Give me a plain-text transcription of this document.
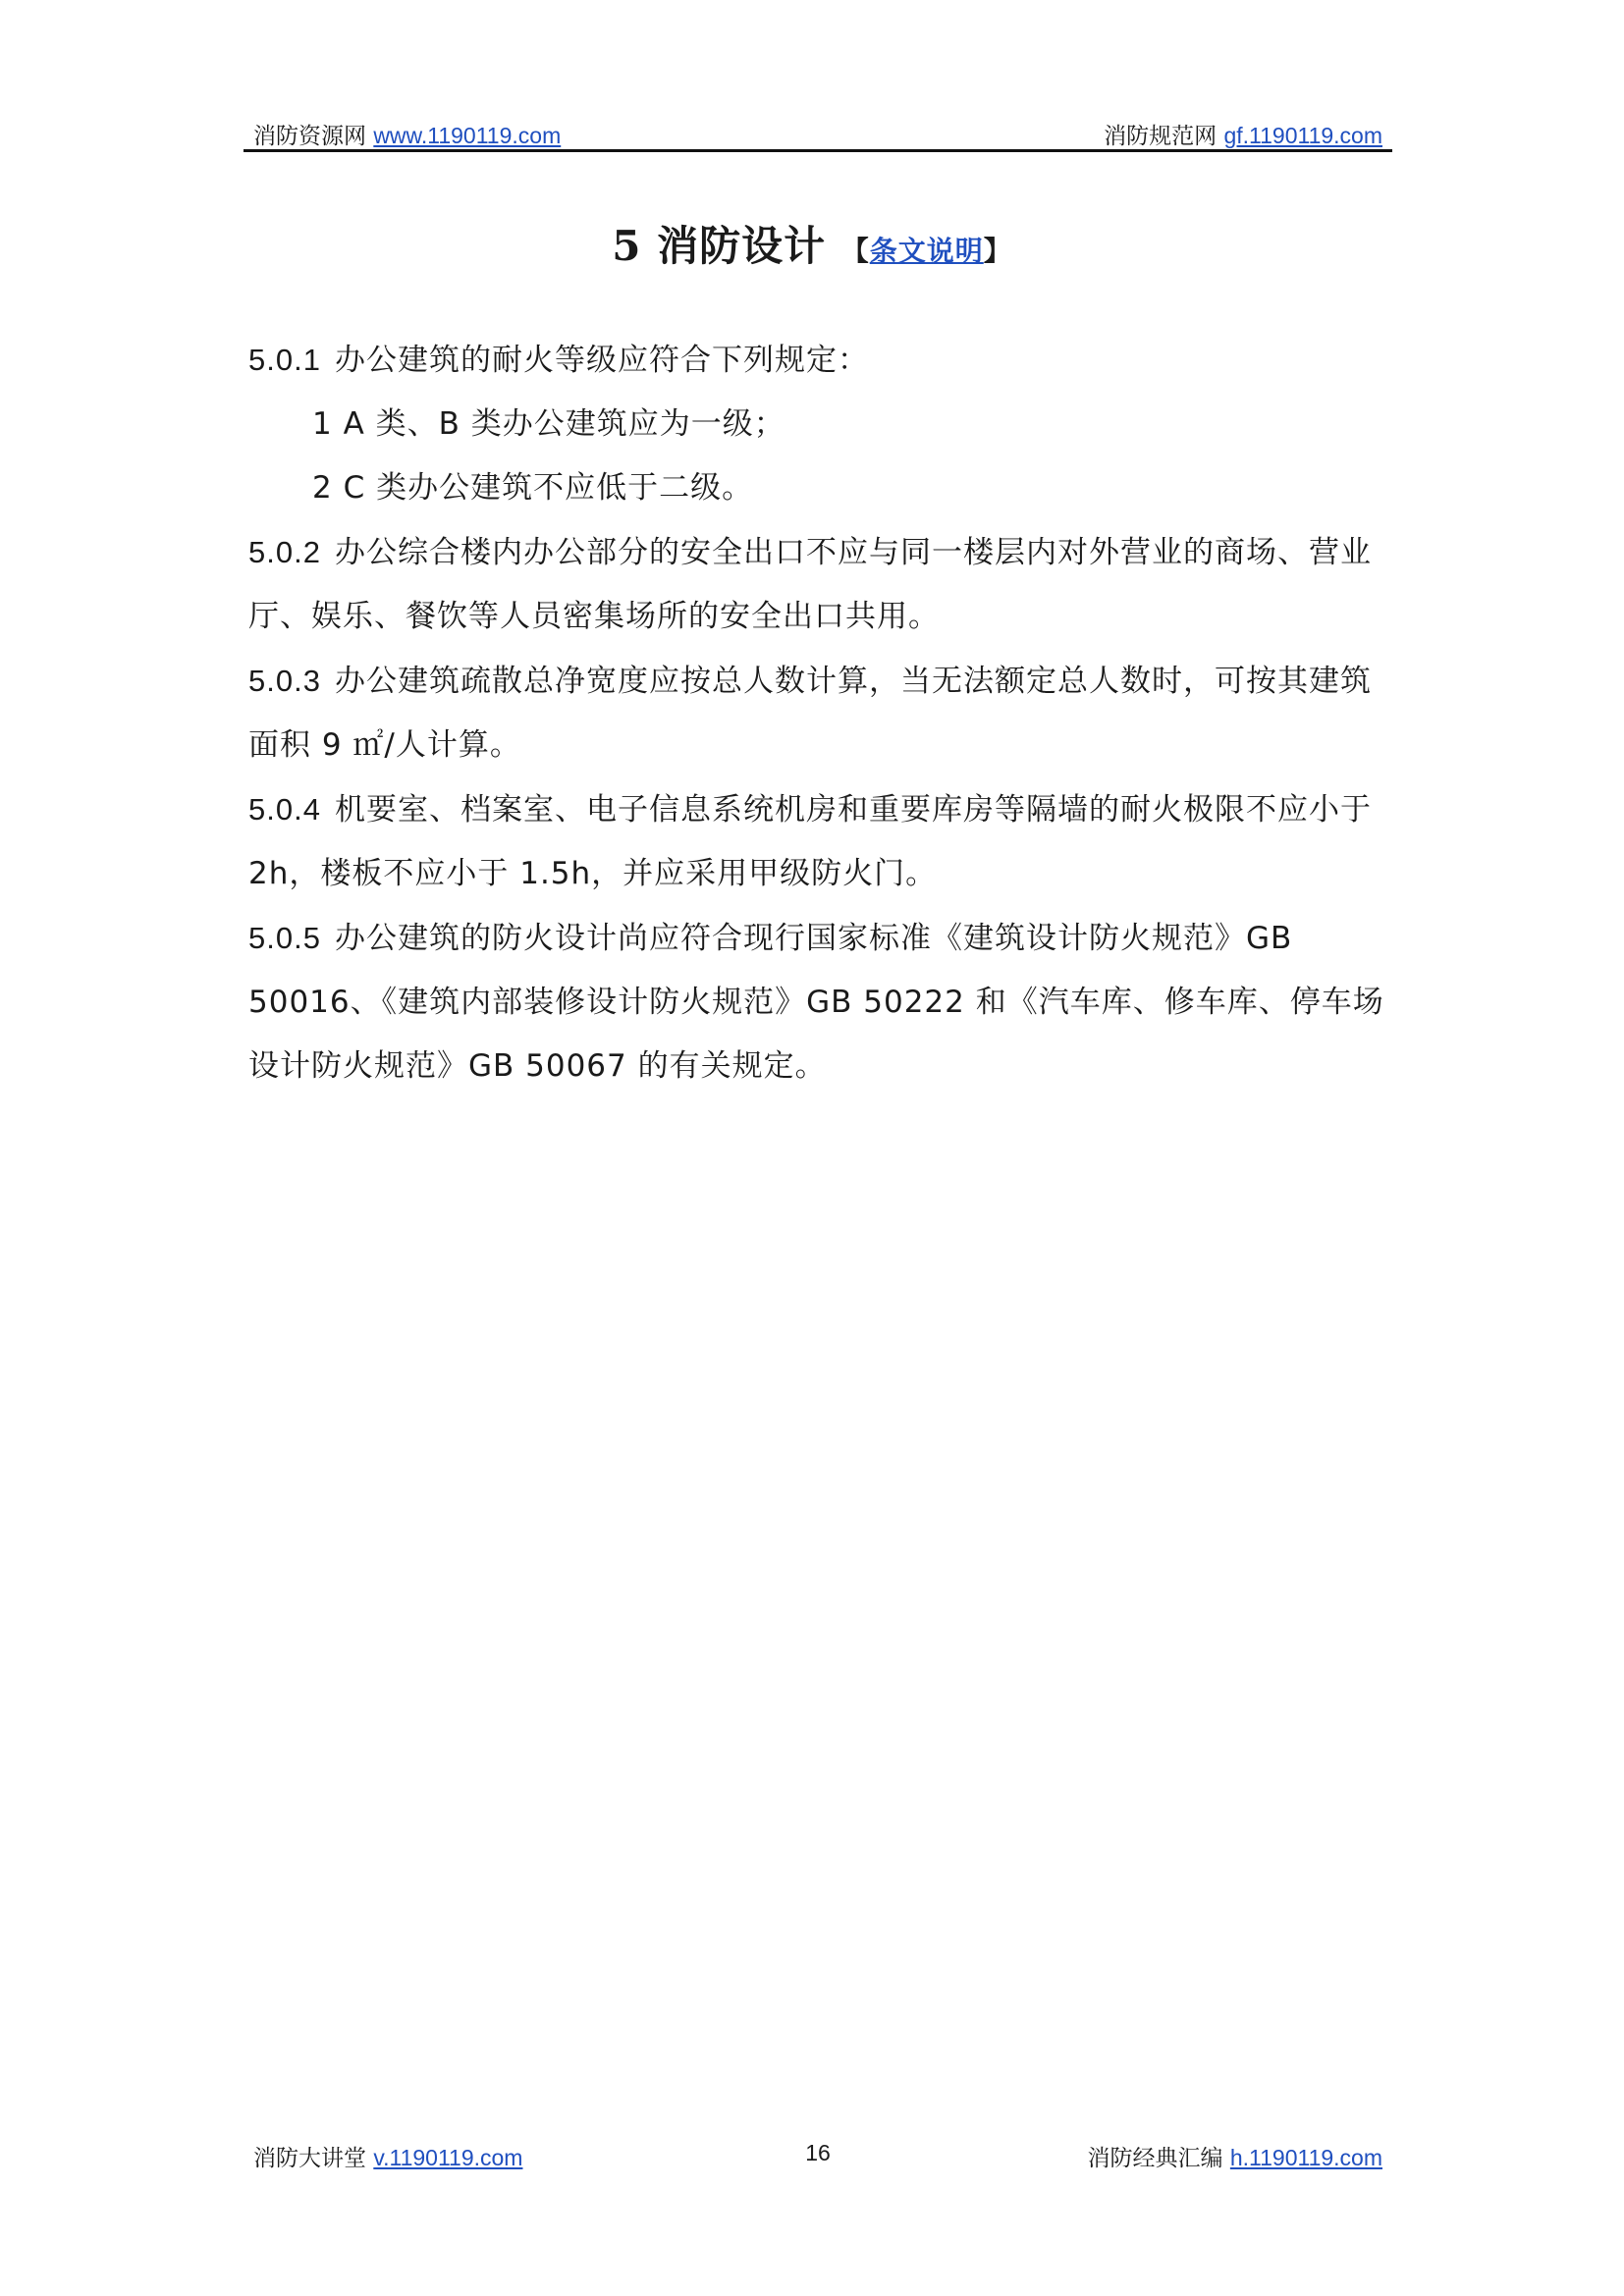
消防资源网 www.1190119.com	消防规范网 gf.1190119.com
5 消防设计 【条文说明】

5.0.1 办公建筑的耐火等级应符合下列规定：

1 A 类、B 类办公建筑应为一级；

2 C 类办公建筑不应低于二级。

5.0.2 办公综合楼内办公部分的安全出口不应与同一楼层内对外营业的商场、营业厅、娱乐、餐饮等人员密集场所的安全出口共用。

5.0.3 办公建筑疏散总净宽度应按总人数计算，当无法额定总人数时，可按其建筑面积 9 ㎡/人计算。

5.0.4 机要室、档案室、电子信息系统机房和重要库房等隔墙的耐火极限不应小于 2h，楼板不应小于 1.5h，并应采用甲级防火门。

5.0.5 办公建筑的防火设计尚应符合现行国家标准《建筑设计防火规范》GB 50016、《建筑内部装修设计防火规范》GB 50222 和《汽车库、修车库、停车场设计防火规范》GB 50067 的有关规定。

消防大讲堂 v.1190119.com	16	消防经典汇编 h.1190119.com
